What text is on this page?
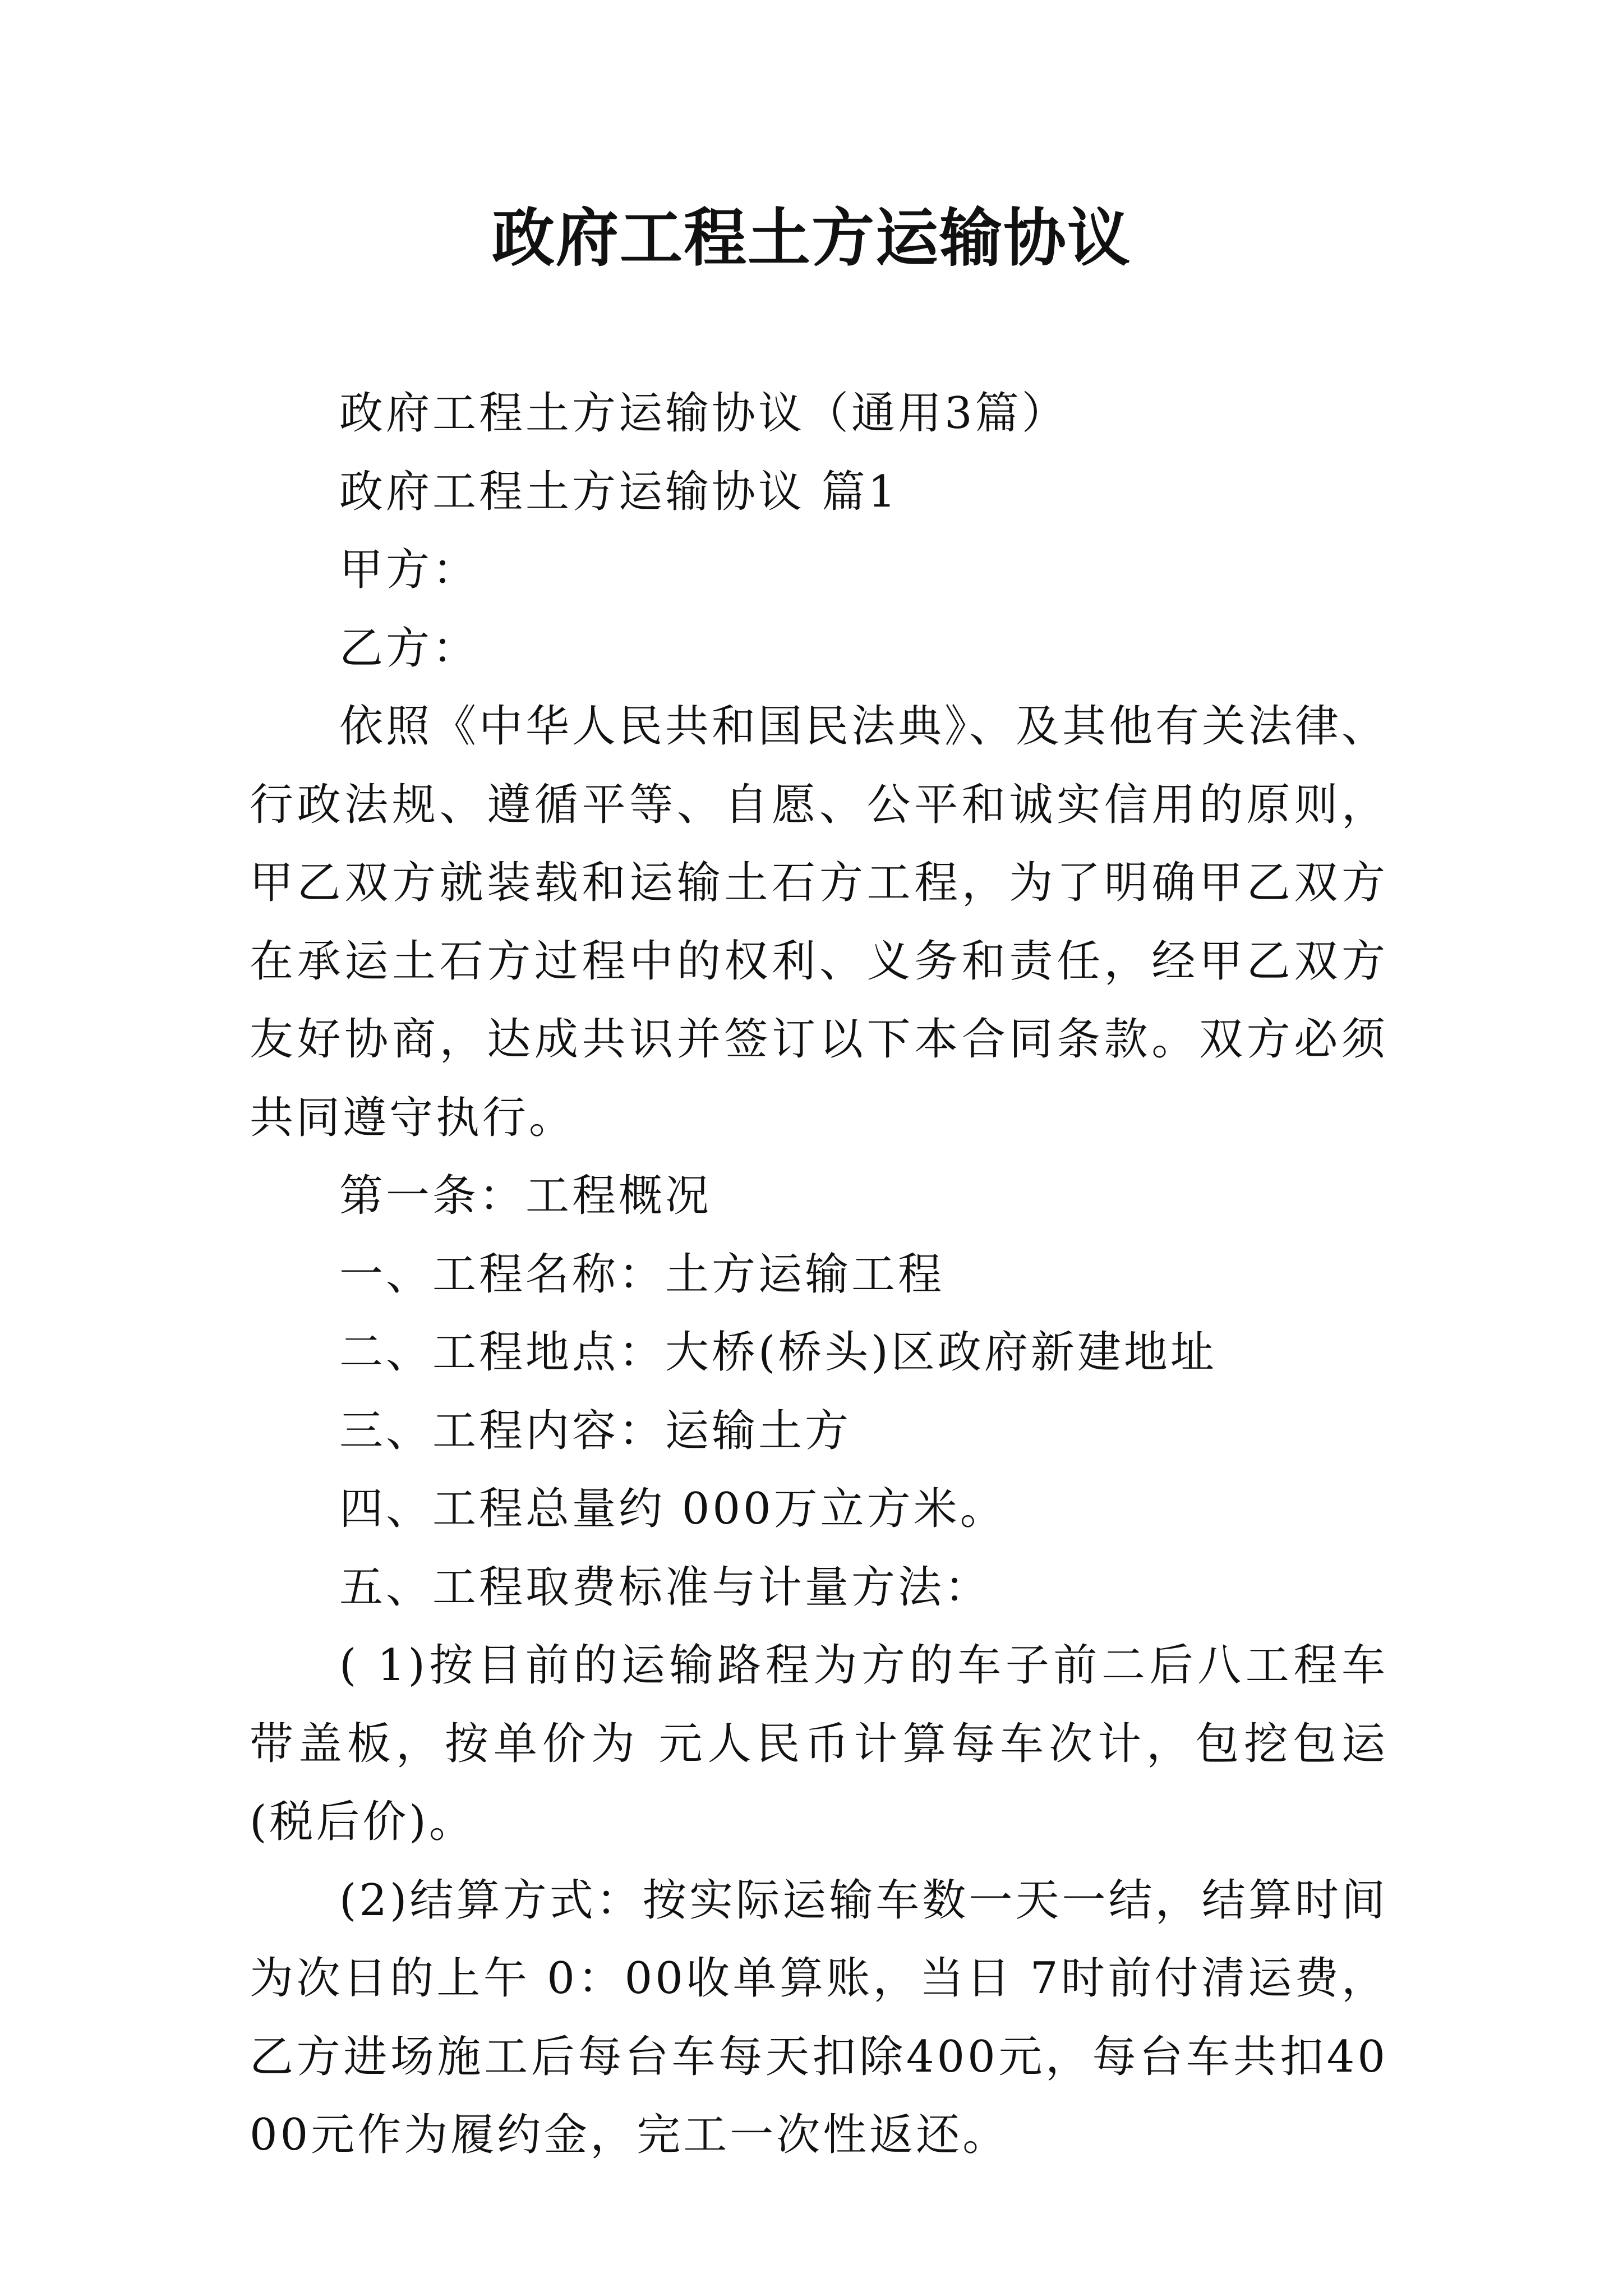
政府工程土方运输协议

政府工程土方运输协议（通用3篇）

政府工程土方运输协议 篇1

甲方：

乙方：

依照《中华人民共和国民法典》、及其他有关法律、行政法规、遵循平等、自愿、公平和诚实信用的原则，甲乙双方就装载和运输土石方工程，为了明确甲乙双方在承运土石方过程中的权利、义务和责任，经甲乙双方友好协商，达成共识并签订以下本合同条款。双方必须共同遵守执行。

第一条：工程概况

一、工程名称：土方运输工程

二、工程地点：大桥(桥头)区政府新建地址

三、工程内容：运输土方

四、工程总量约 000万立方米。

五、工程取费标准与计量方法：

( 1)按目前的运输路程为方的车子前二后八工程车带盖板，按单价为 元人民币计算每车次计，包挖包运(税后价)。

(2)结算方式：按实际运输车数一天一结，结算时间为次日的上午 0：00收单算账，当日 7时前付清运费，乙方进场施工后每台车每天扣除400元，每台车共扣4000元作为履约金，完工一次性返还。
